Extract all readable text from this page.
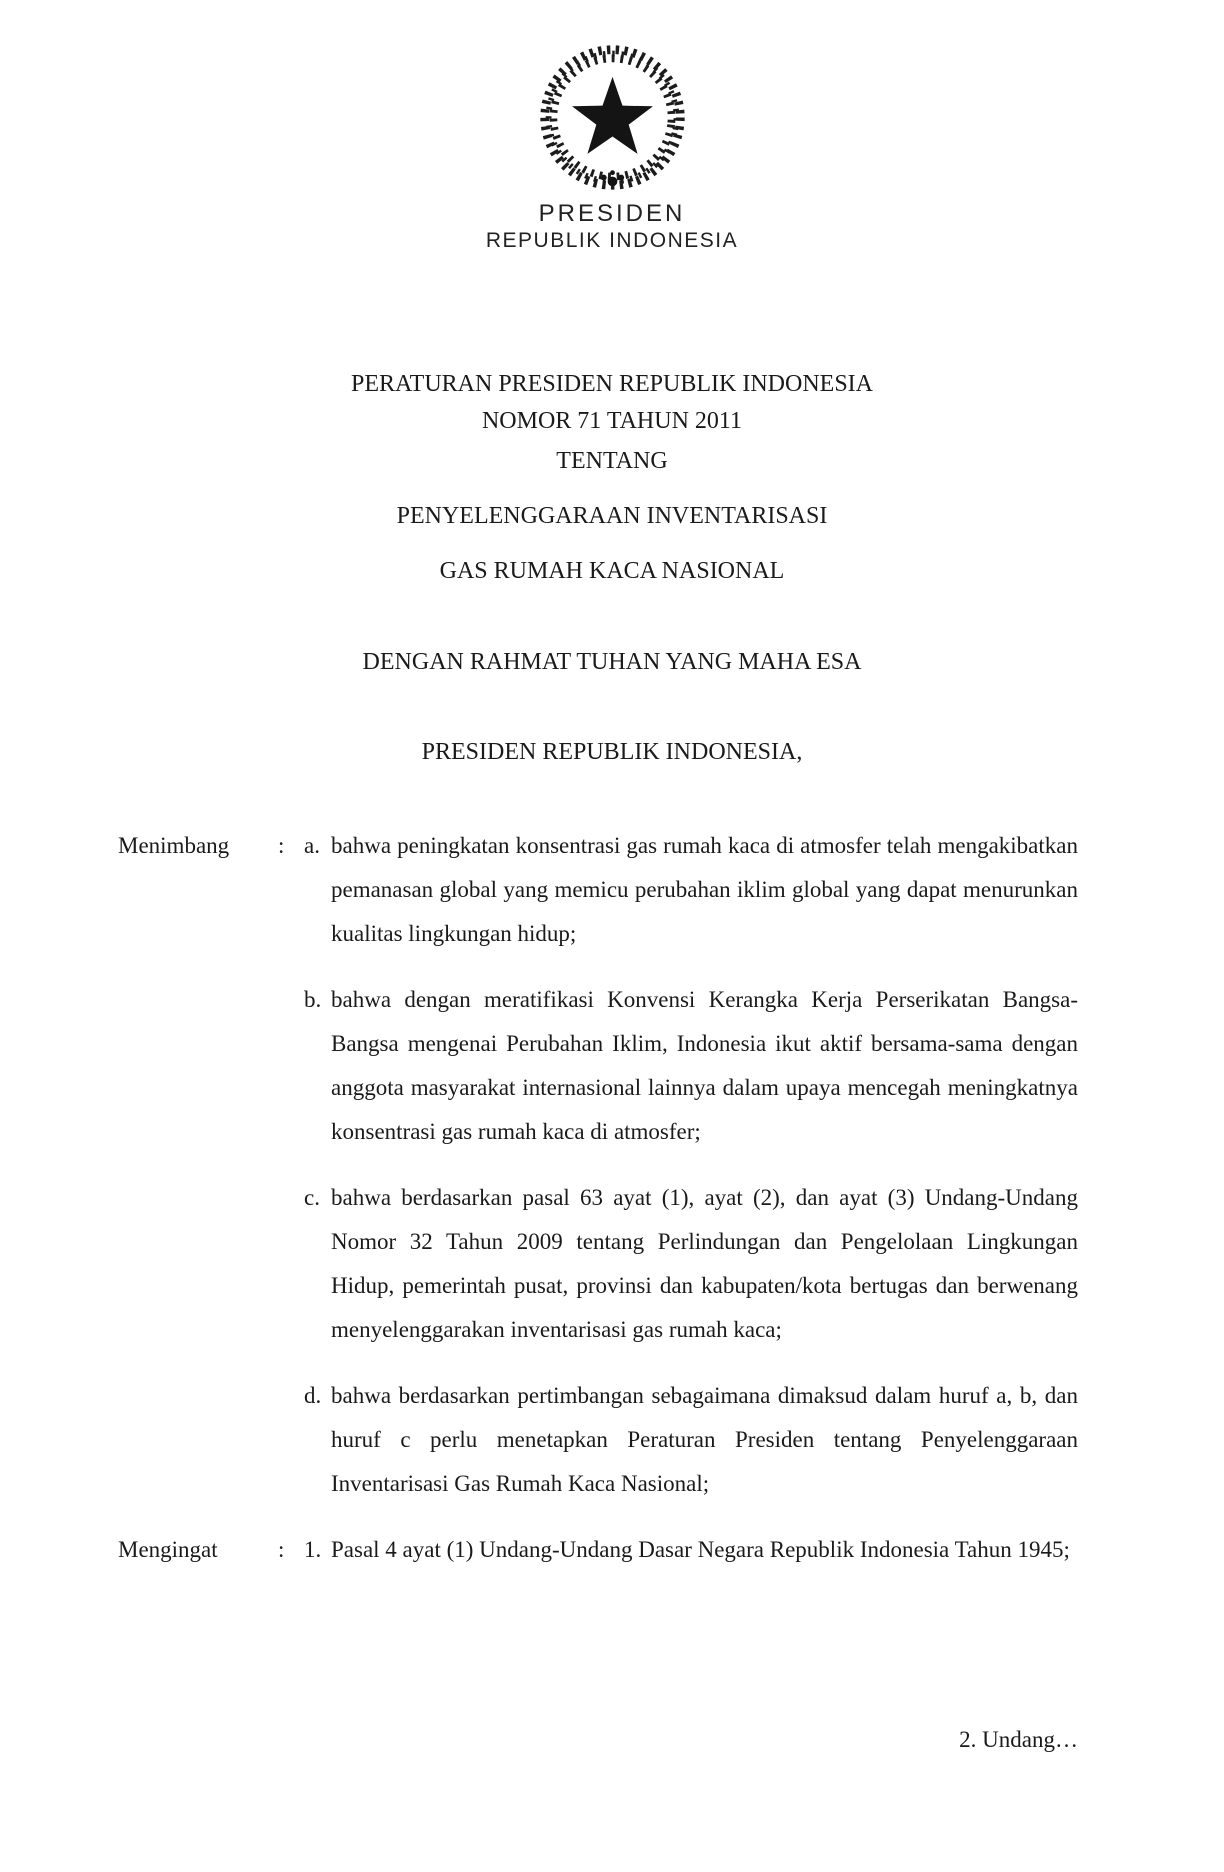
PRESIDEN
REPUBLIK INDONESIA
PERATURAN PRESIDEN REPUBLIK INDONESIA
NOMOR 71 TAHUN 2011
TENTANG
PENYELENGGARAAN INVENTARISASI
GAS RUMAH KACA NASIONAL
DENGAN RAHMAT TUHAN YANG MAHA ESA
PRESIDEN REPUBLIK INDONESIA,
Menimbang	: a. bahwa peningkatan konsentrasi gas rumah kaca di atmosfer telah mengakibatkan pemanasan global yang memicu perubahan iklim global yang dapat menurunkan kualitas lingkungan hidup;
b. bahwa dengan meratifikasi Konvensi Kerangka Kerja Perserikatan Bangsa-Bangsa mengenai Perubahan Iklim, Indonesia ikut aktif bersama-sama dengan anggota masyarakat internasional lainnya dalam upaya mencegah meningkatnya konsentrasi gas rumah kaca di atmosfer;
c. bahwa berdasarkan pasal 63 ayat (1), ayat (2), dan ayat (3) Undang-Undang Nomor 32 Tahun 2009 tentang Perlindungan dan Pengelolaan Lingkungan Hidup, pemerintah pusat, provinsi dan kabupaten/kota bertugas dan berwenang menyelenggarakan inventarisasi gas rumah kaca;
d. bahwa berdasarkan pertimbangan sebagaimana dimaksud dalam huruf a, b, dan huruf c perlu menetapkan Peraturan Presiden tentang Penyelenggaraan Inventarisasi Gas Rumah Kaca Nasional;
Mengingat	: 1. Pasal 4 ayat (1) Undang-Undang Dasar Negara Republik Indonesia Tahun 1945;
2. Undang…
